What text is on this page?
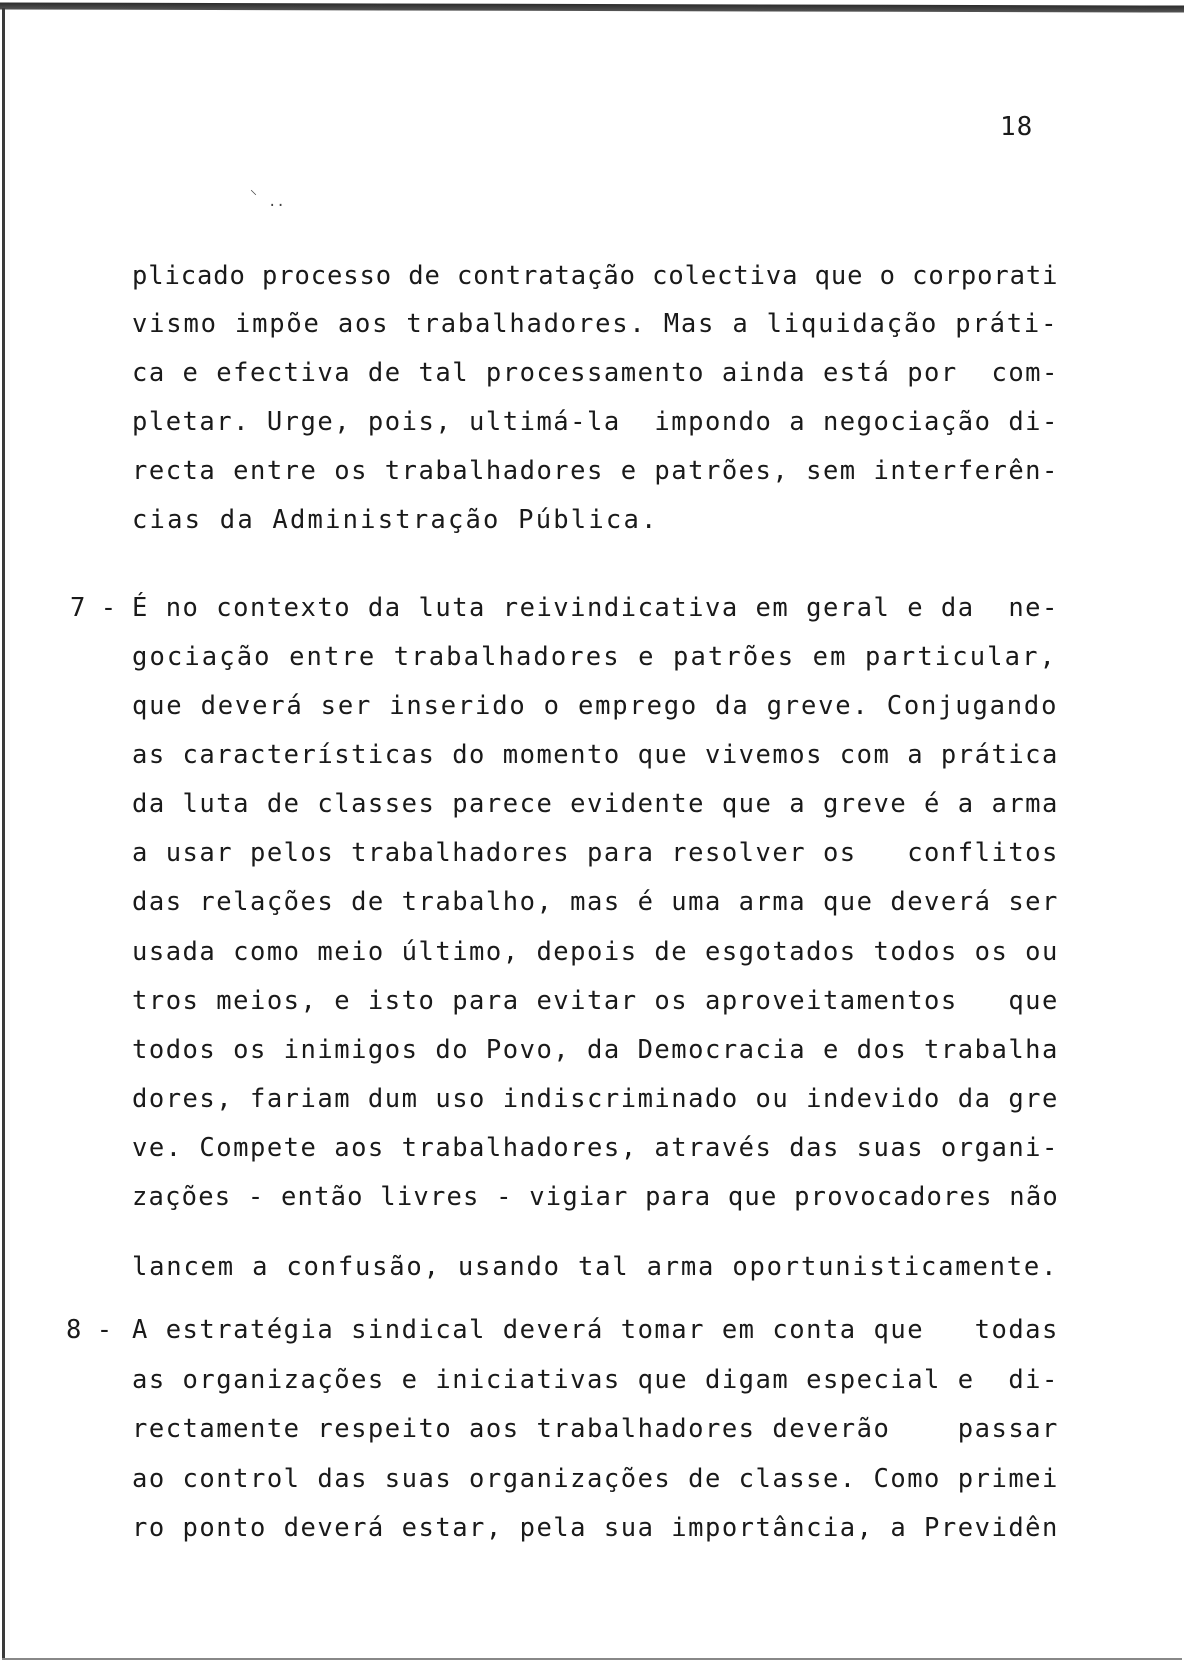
18
⸜
··
plicado processo de contratação colectiva que o corporati
vismo impõe aos trabalhadores. Mas a liquidação práti-
ca e efectiva de tal processamento ainda está por  com-
pletar. Urge, pois, ultimá-la  impondo a negociação di-
recta entre os trabalhadores e patrões, sem interferên-
cias da Administração Pública.
7 - É no contexto da luta reivindicativa em geral e da  ne-
gociação entre trabalhadores e patrões em particular,
que deverá ser inserido o emprego da greve. Conjugando
as características do momento que vivemos com a prática
da luta de classes parece evidente que a greve é a arma
a usar pelos trabalhadores para resolver os   conflitos
das relações de trabalho, mas é uma arma que deverá ser
usada como meio último, depois de esgotados todos os ou
tros meios, e isto para evitar os aproveitamentos   que
todos os inimigos do Povo, da Democracia e dos trabalha
dores, fariam dum uso indiscriminado ou indevido da gre
ve. Compete aos trabalhadores, através das suas organi-
zações - então livres - vigiar para que provocadores não
lancem a confusão, usando tal arma oportunisticamente.
8 - A estratégia sindical deverá tomar em conta que   todas
as organizações e iniciativas que digam especial e  di-
rectamente respeito aos trabalhadores deverão    passar
ao control das suas organizações de classe. Como primei
ro ponto deverá estar, pela sua importância, a Previdên
